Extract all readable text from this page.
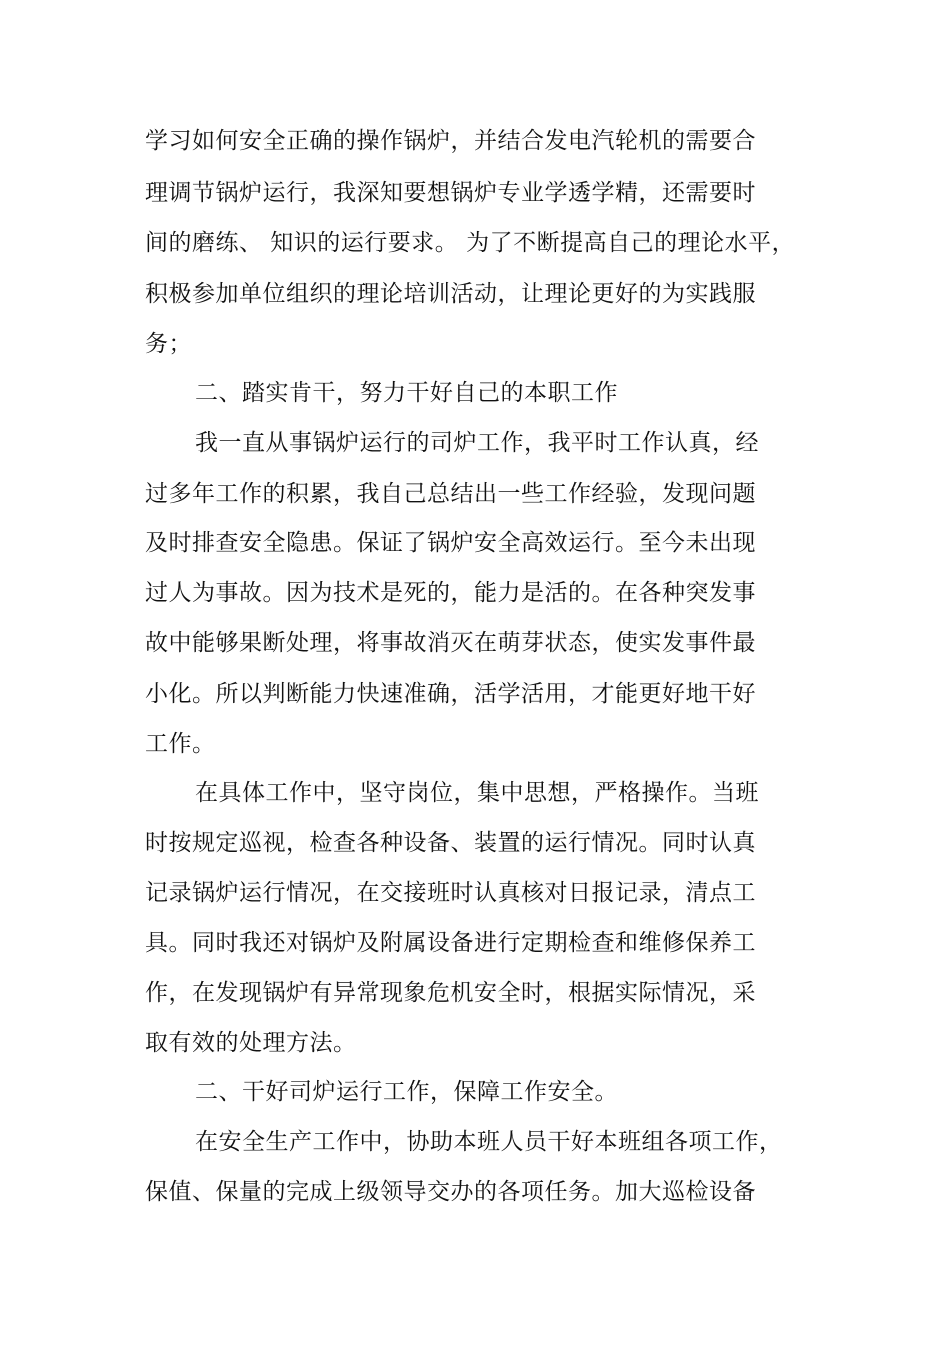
学习如何安全正确的操作锅炉，并结合发电汽轮机的需要合
理调节锅炉运行，我深知要想锅炉专业学透学精，还需要时
间的磨练、 知识的运行要求。 为了不断提高自己的理论水平，
积极参加单位组织的理论培训活动，让理论更好的为实践服
务；
二、踏实肯干，努力干好自己的本职工作
我一直从事锅炉运行的司炉工作，我平时工作认真，经
过多年工作的积累，我自己总结出一些工作经验，发现问题
及时排查安全隐患。保证了锅炉安全高效运行。至今未出现
过人为事故。因为技术是死的，能力是活的。在各种突发事
故中能够果断处理，将事故消灭在萌芽状态，使实发事件最
小化。所以判断能力快速准确，活学活用，才能更好地干好
工作。
在具体工作中，坚守岗位，集中思想，严格操作。当班
时按规定巡视，检查各种设备、装置的运行情况。同时认真
记录锅炉运行情况，在交接班时认真核对日报记录，清点工
具。同时我还对锅炉及附属设备进行定期检查和维修保养工
作，在发现锅炉有异常现象危机安全时，根据实际情况，采
取有效的处理方法。
二、干好司炉运行工作，保障工作安全。
在安全生产工作中，协助本班人员干好本班组各项工作，
保值、保量的完成上级领导交办的各项任务。加大巡检设备
